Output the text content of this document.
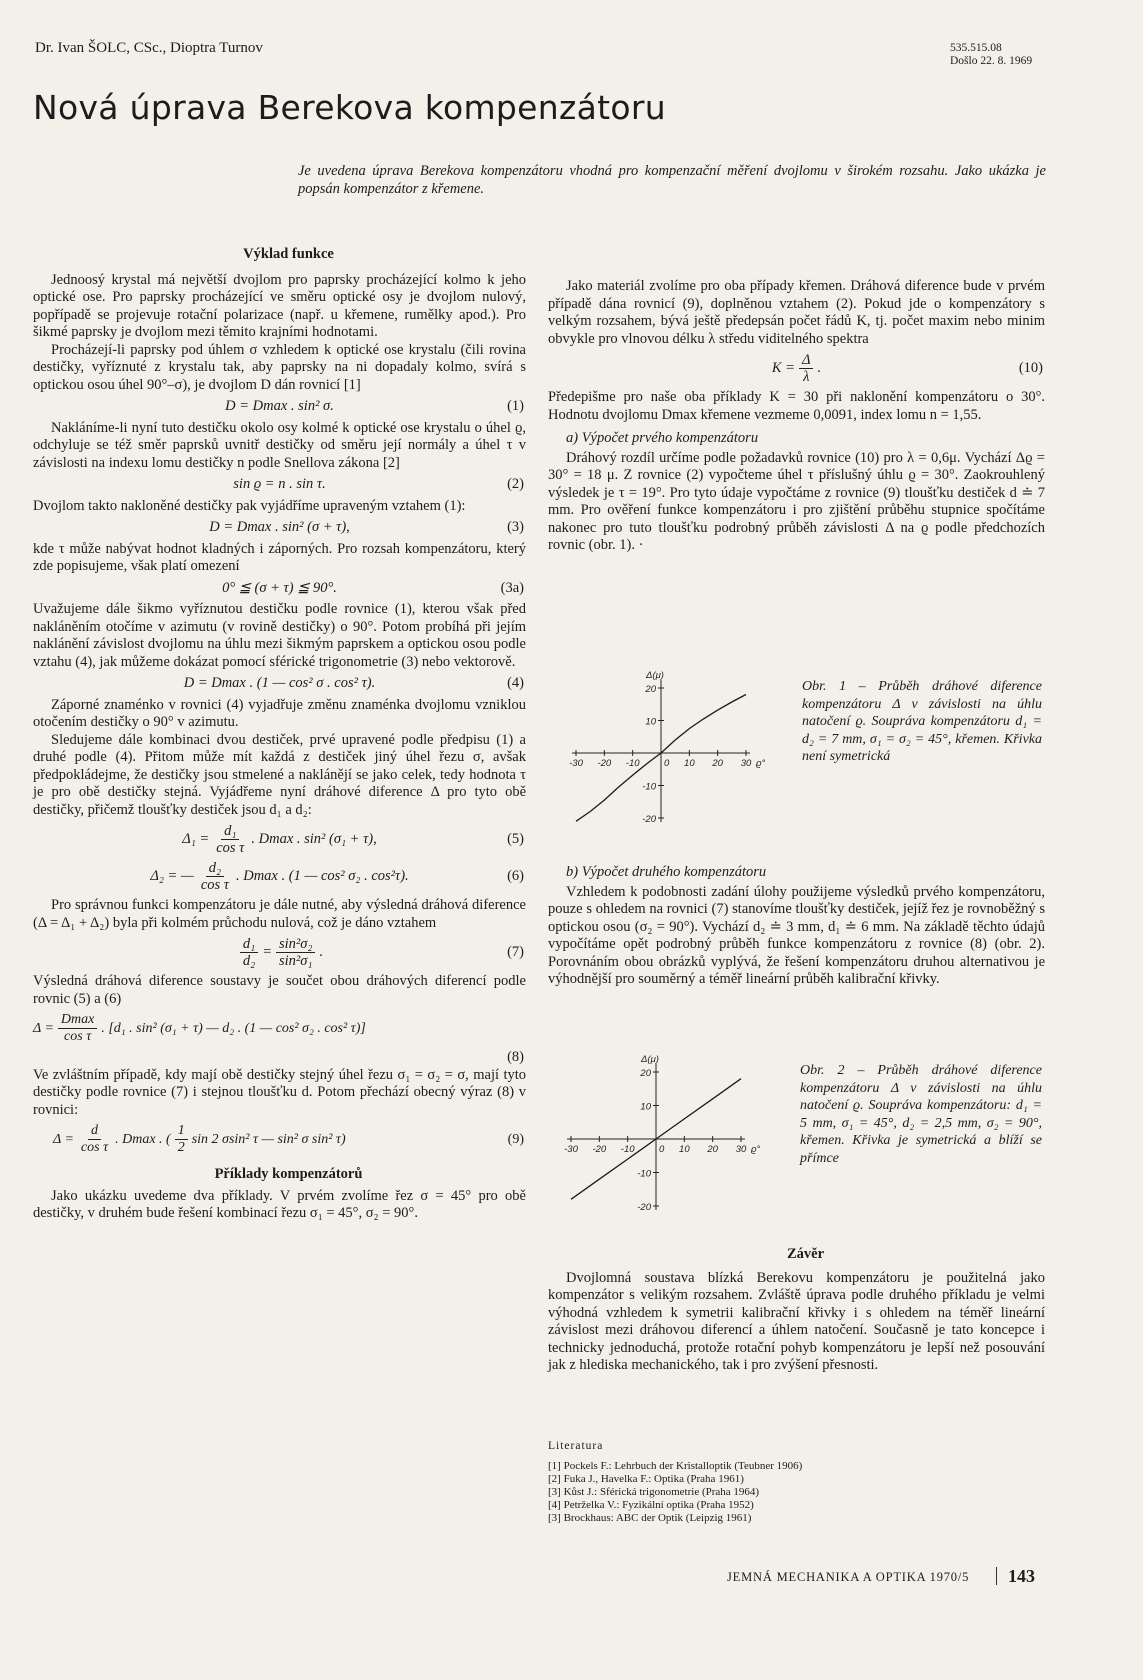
Dr. Ivan ŠOLC, CSc., Dioptra Turnov	535.515.08
Došlo 22. 8. 1969
Nová úprava Berekova kompenzátoru
Je uvedena úprava Berekova kompenzátoru vhodná pro kompenzační měření dvojlomu v širokém rozsahu. Jako ukázka je popsán kompenzátor z křemene.

Výklad funkce

Jednoosý krystal má největší dvojlom pro paprsky procházející kolmo k jeho optické ose. Pro paprsky procházející ve směru optické osy je dvojlom nulový, popřípadě se projevuje rotační polarizace (např. u křemene, rumělky apod.). Pro šikmé paprsky je dvojlom mezi těmito krajními hodnotami.

Procházejí-li paprsky pod úhlem σ vzhledem k optické ose krystalu (čili rovina destičky, vyříznuté z krystalu tak, aby paprsky na ni dopadaly kolmo, svírá s optickou osou úhel 90°–σ), je dvojlom D dán rovnicí [1]

D = Dmax . sin² σ.	(1)

Nakláníme-li nyní tuto destičku okolo osy kolmé k optické ose krystalu o úhel ϱ, odchyluje se též směr paprsků uvnitř destičky od směru její normály a úhel τ v závislosti na indexu lomu destičky n podle Snellova zákona [2]

sin ϱ = n . sin τ.	(2)

Dvojlom takto nakloněné destičky pak vyjádříme upraveným vztahem (1):

D = Dmax . sin² (σ + τ),	(3)

kde τ může nabývat hodnot kladných i záporných. Pro rozsah kompenzátoru, který zde popisujeme, však platí omezení

0° ≦ (σ + τ) ≦ 90°.	(3a)

Uvažujeme dále šikmo vyříznutou destičku podle rovnice (1), kterou však před nakláněním otočíme v azimutu (v rovině destičky) o 90°. Potom probíhá při jejím naklánění závislost dvojlomu na úhlu mezi šikmým paprskem a optickou osou podle vztahu (4), jak můžeme dokázat pomocí sférické trigonometrie (3) nebo vektorově.

D = Dmax . (1 — cos² σ . cos² τ).	(4)

Záporné znaménko v rovnici (4) vyjadřuje změnu znaménka dvojlomu vzniklou otočením destičky o 90° v azimutu.

Sledujeme dále kombinaci dvou destiček, prvé upravené podle předpisu (1) a druhé podle (4). Přitom může mít každá z destiček jiný úhel řezu σ, avšak předpokládejme, že destičky jsou stmelené a naklánějí se jako celek, tedy hodnota τ je pro obě destičky stejná. Vyjádřeme nyní dráhové diference Δ pro tyto obě destičky, přičemž tloušťky destiček jsou d₁ a d₂:

$\Delta_1 = \frac{\text{d₁}}{\text{cos τ}}$ . Dmax . sin² (σ₁ + τ),	(5)
Δ₂ = — $\frac{\text{d₂}}{\text{cos τ}}$ . Dmax . (1 — cos² σ₂ . cos²τ).	(6)

Pro správnou funkci kompenzátoru je dále nutné, aby výsledná dráhová diference (Δ = Δ₁ + Δ₂) byla při kolmém průchodu nulová, což je dáno vztahem

$\frac{\text{d₁}}{\text{d₂}} = \frac{\text{sin²σ₂}}{\text{sin²σ₁}}$ .	(7)

Výsledná dráhová diference soustavy je součet obou dráhových diferencí podle rovnic (5) a (6)

$\Delta = \frac{Dmax}{\text{cos τ}}$ . [d₁ . sin² (σ₁ + τ) — d₂ . (1 — cos² σ₂ . cos² τ)]
(8)

Ve zvláštním případě, kdy mají obě destičky stejný úhel řezu σ₁ = σ₂ = σ, mají tyto destičky podle rovnice (7) i stejnou tloušťku d. Potom přechází obecný výraz (8) v rovnici:

$\Delta = \frac{d}{\text{cos τ}}$ . Dmax . ( $\frac{1}{2}$ sin 2 σsin² τ — sin² σ sin² τ)	(9)

Příklady kompenzátorů

Jako ukázku uvedeme dva příklady. V prvém zvolíme řez σ = 45° pro obě destičky, v druhém bude řešení kombinací řezu σ₁ = 45°, σ₂ = 90°.

Jako materiál zvolíme pro oba případy křemen. Dráhová diference bude v prvém případě dána rovnicí (9), doplněnou vztahem (2). Pokud jde o kompenzátory s velkým rozsahem, bývá ještě předepsán počet řádů K, tj. počet maxim nebo minim obvykle pro vlnovou délku λ středu viditelného spektra

$K = \frac{\Delta}{\lambda}$ .	(10)

Předepišme pro naše oba příklady K = 30 při naklonění kompenzátoru o 30°. Hodnotu dvojlomu Dmax křemene vezmeme 0,0091, index lomu n = 1,55.

a) Výpočet prvého kompenzátoru

Dráhový rozdíl určíme podle požadavků rovnice (10) pro λ = 0,6μ. Vychází Δϱ = 30° = 18 μ. Z rovnice (2) vypočteme úhel τ příslušný úhlu ϱ = 30°. Zaokrouhlený výsledek je τ = 19°. Pro tyto údaje vypočtáme z rovnice (9) tloušťku destiček d ≐ 7 mm. Pro ověření funkce kompenzátoru i pro zjištění průběhu stupnice spočítáme nakonec pro tuto tloušťku podrobný průběh závislosti Δ na ϱ podle předchozích rovnic (obr. 1). ·

-30 -20 -10	0 10 20 30
-20
-10
10
20
Δ(μ)
ϱ°
Obr. 1 – Průběh dráhové diference kompenzátoru Δ v závislosti na úhlu natočení ϱ. Soupráva kompenzátoru d₁ = d₂ = 7 mm, σ₁ = σ₂ = 45°, křemen. Křivka není symetrická

b) Výpočet druhého kompenzátoru

Vzhledem k podobnosti zadání úlohy použijeme výsledků prvého kompenzátoru, pouze s ohledem na rovnici (7) stanovíme tloušťky destiček, jejíž řez je rovnoběžný s optickou osou (σ₂ = 90°). Vychází d₂ ≐ 3 mm, d₁ ≐ 6 mm. Na základě těchto údajů vypočítáme opět podrobný průběh funkce kompenzátoru z rovnice (8) (obr. 2). Porovnáním obou obrázků vyplývá, že řešení kompenzátoru druhou alternativou je výhodnější pro souměrný a téměř lineární průběh kalibrační křivky.

-30 -20 -10	0 10 20 30
-20
-10
10
20
Δ(μ)
ϱ°
Obr. 2 – Průběh dráhové diference kompenzátoru Δ v závislosti na úhlu natočení ϱ. Soupráva kompenzátoru: d₁ = 5 mm, σ₁ = 45°, d₂ = 2,5 mm, σ₂ = 90°, křemen. Křivka je symetrická a blíží se přímce

Závěr

Dvojlomná soustava blízká Berekovu kompenzátoru je použitelná jako kompenzátor s velikým rozsahem. Zvláště úprava podle druhého příkladu je velmi výhodná vzhledem k symetrii kalibrační křivky i s ohledem na téměř lineární závislost mezi dráhovou diferencí a úhlem natočení. Současně je tato koncepce i technicky jednoduchá, protože rotační pohyb kompenzátoru je lepší než posouvání jak z hlediska mechanického, tak i pro zvýšení přesnosti.

Literatura
[1] Pockels F.: Lehrbuch der Kristalloptik (Teubner 1906)
[2] Fuka J., Havelka F.: Optika (Praha 1961)
[3] Kůst J.: Sférická trigonometrie (Praha 1964)
[4] Petrželka V.: Fyzikální optika (Praha 1952)
[3] Brockhaus: ABC der Optik (Leipzig 1961)
JEMNÁ MECHANIKA A OPTIKA 1970/5 143
